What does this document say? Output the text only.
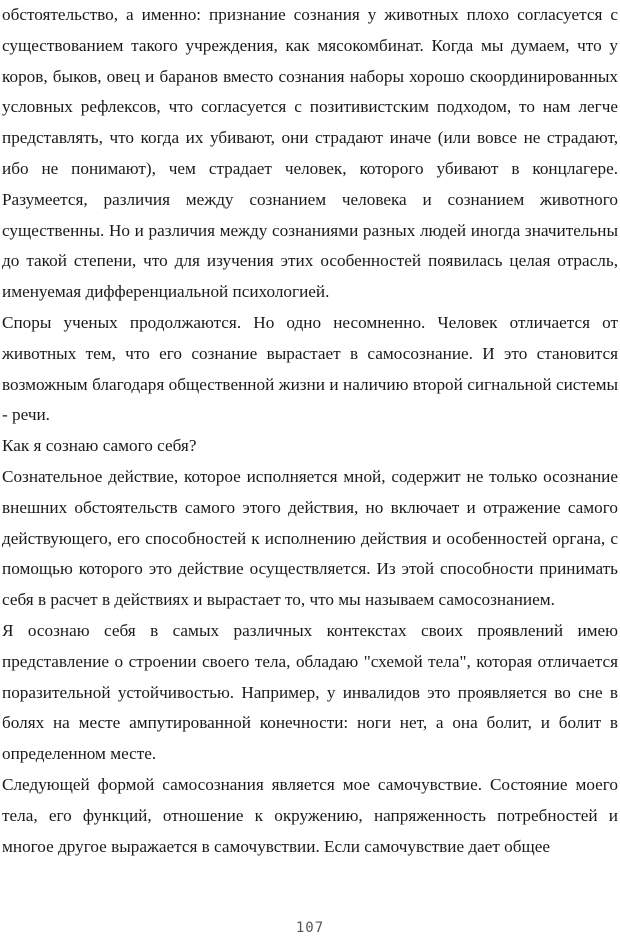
обстоятельство, а именно: признание сознания у животных плохо согласуется с существованием такого учреждения, как мясокомбинат. Когда мы думаем, что у коров, быков, овец и баранов вместо сознания наборы хорошо скоординированных условных рефлексов, что согласуется с позитивистским подходом, то нам легче представлять, что когда их убивают, они страдают иначе (или вовсе не страдают, ибо не понимают), чем страдает человек, которого убивают в концлагере. Разумеется, различия между сознанием человека и сознанием животного существенны. Но и различия между сознаниями разных людей иногда значительны до такой степени, что для изучения этих особенностей появилась целая отрасль, именуемая дифференциальной психологией.

Споры ученых продолжаются. Но одно несомненно. Человек отличается от животных тем, что его сознание вырастает в самосознание. И это становится возможным благодаря общественной жизни и наличию второй сигнальной системы - речи.

Как я сознаю самого себя?

Сознательное действие, которое исполняется мной, содержит не только осознание внешних обстоятельств самого этого действия, но включает и отражение самого действующего, его способностей к исполнению действия и особенностей органа, с помощью которого это действие осуществляется. Из этой способности принимать себя в расчет в действиях и вырастает то, что мы называем самосознанием.

Я осознаю себя в самых различных контекстах своих проявлений имею представление о строении своего тела, обладаю "схемой тела", которая отличается поразительной устойчивостью. Например, у инвалидов это проявляется во сне в болях на месте ампутированной конечности: ноги нет, а она болит, и болит в определенном месте.

Следующей формой самосознания является мое самочувствие. Состояние моего тела, его функций, отношение к окружению, напряженность потребностей и многое другое выражается в самочувствии. Если самочувствие дает общее

107
